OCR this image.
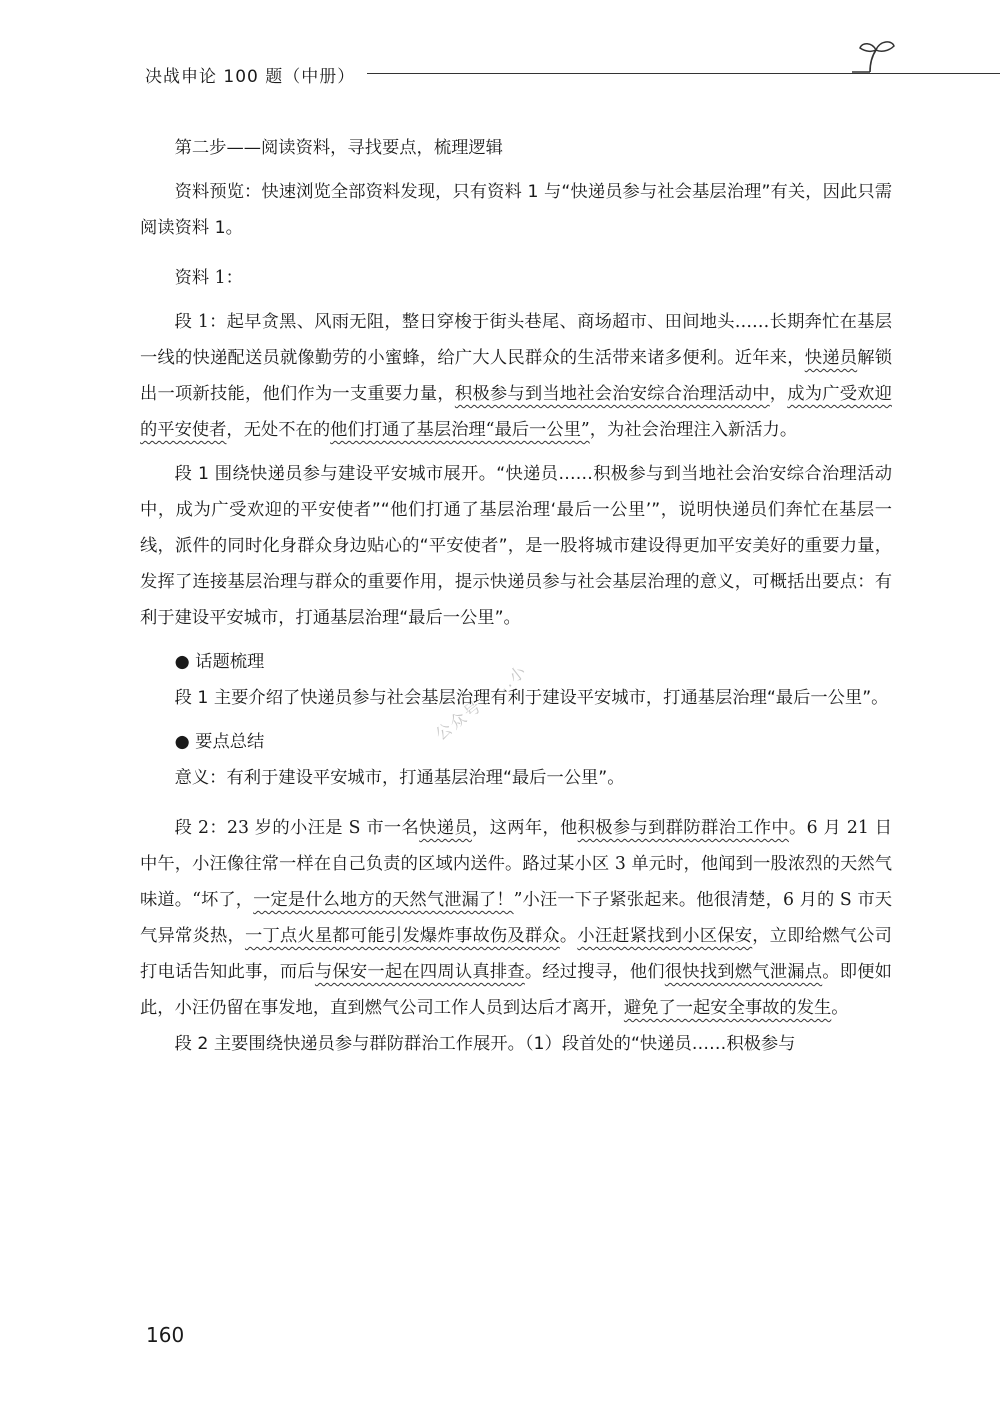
决战申论 100 题（中册）
公众号：...小

第二步——阅读资料，寻找要点，梳理逻辑

资料预览：快速浏览全部资料发现，只有资料 1 与“快递员参与社会基层治理”有关，因此只需阅读资料 1。

资料 1：

段 1：起早贪黑、风雨无阻，整日穿梭于街头巷尾、商场超市、田间地头……长期奔忙在基层一线的快递配送员就像勤劳的小蜜蜂，给广大人民群众的生活带来诸多便利。近年来，快递员解锁出一项新技能，他们作为一支重要力量，积极参与到当地社会治安综合治理活动中，成为广受欢迎的平安使者，无处不在的他们打通了基层治理“最后一公里”，为社会治理注入新活力。

段 1 围绕快递员参与建设平安城市展开。“快递员……积极参与到当地社会治安综合治理活动中，成为广受欢迎的平安使者”“他们打通了基层治理‘最后一公里’”，说明快递员们奔忙在基层一线，派件的同时化身群众身边贴心的“平安使者”，是一股将城市建设得更加平安美好的重要力量，发挥了连接基层治理与群众的重要作用，提示快递员参与社会基层治理的意义，可概括出要点：有利于建设平安城市，打通基层治理“最后一公里”。

● 话题梳理

段 1 主要介绍了快递员参与社会基层治理有利于建设平安城市，打通基层治理“最后一公里”。

● 要点总结

意义：有利于建设平安城市，打通基层治理“最后一公里”。

段 2：23 岁的小汪是 S 市一名快递员，这两年，他积极参与到群防群治工作中。6 月 21 日中午，小汪像往常一样在自己负责的区域内送件。路过某小区 3 单元时，他闻到一股浓烈的天然气味道。“坏了，一定是什么地方的天然气泄漏了！”小汪一下子紧张起来。他很清楚，6 月的 S 市天气异常炎热，一丁点火星都可能引发爆炸事故伤及群众。小汪赶紧找到小区保安，立即给燃气公司打电话告知此事，而后与保安一起在四周认真排查。经过搜寻，他们很快找到燃气泄漏点。即便如此，小汪仍留在事发地，直到燃气公司工作人员到达后才离开，避免了一起安全事故的发生。

段 2 主要围绕快递员参与群防群治工作展开。（1）段首处的“快递员……积极参与

160
